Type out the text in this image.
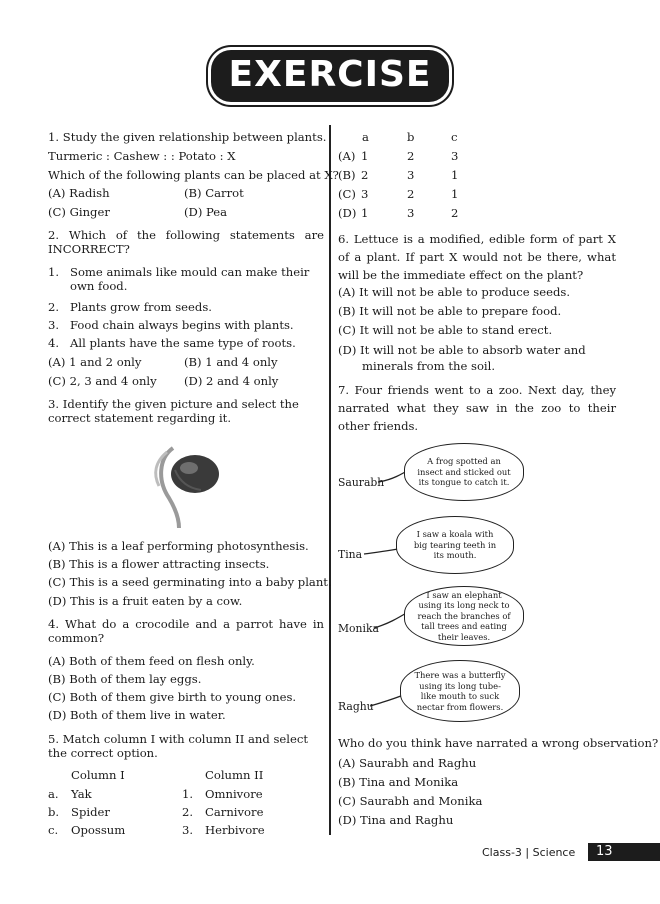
EXERCISE
1. Study the given relationship between plants.
Turmeric : Cashew : : Potato : X
Which of the following plants can be placed at X?
(A) Radish	(B) Carrot
(C) Ginger	(D) Pea
2. Which of the following statements are INCORRECT?
1. Some animals like mould can make their own food.
2. Plants grow from seeds.
3. Food chain always begins with plants.
4. All plants have the same type of roots.
(A) 1 and 2 only	(B) 1 and 4 only
(C) 2, 3 and 4 only (D) 2 and 4 only
3. Identify the given picture and select the correct statement regarding it.
(A) This is a leaf performing photosynthesis.
(B) This is a flower attracting insects.
(C) This is a seed germinating into a baby plant.
(D) This is a fruit eaten by a cow.
4. What do a crocodile and a parrot have in common?
(A) Both of them feed on flesh only.
(B) Both of them lay eggs.
(C) Both of them give birth to young ones.
(D) Both of them live in water.
5. Match column I with column II and select the correct option.
Column I	Column II
a. Yak	1. Omnivore
b. Spider	2. Carnivore
c. Opossum	3. Herbivore
a	b	c
(A) 1	2	3
(B) 2	3	1
(C) 3	2	1
(D) 1	3	2
6. Lettuce is a modified, edible form of part X of a plant. If part X would not be there, what will be the immediate effect on the plant?
(A) It will not be able to produce seeds.
(B) It will not be able to prepare food.
(C) It will not be able to stand erect.
(D) It will not be able to absorb water and minerals from the soil.
7. Four friends went to a zoo. Next day, they narrated what they saw in the zoo to their other friends.
Saurabh
A frog spotted an insect and sticked out its tongue to catch it.
Tina
I saw a koala with big tearing teeth in its mouth.
Monika
I saw an elephant using its long neck to reach the branches of tall trees and eating their leaves.
Raghu
There was a butterfly using its long tube-like mouth to suck nectar from flowers.
Who do you think have narrated a wrong observation?
(A) Saurabh and Raghu
(B) Tina and Monika
(C) Saurabh and Monika
(D) Tina and Raghu
Class-3 | Science	13
